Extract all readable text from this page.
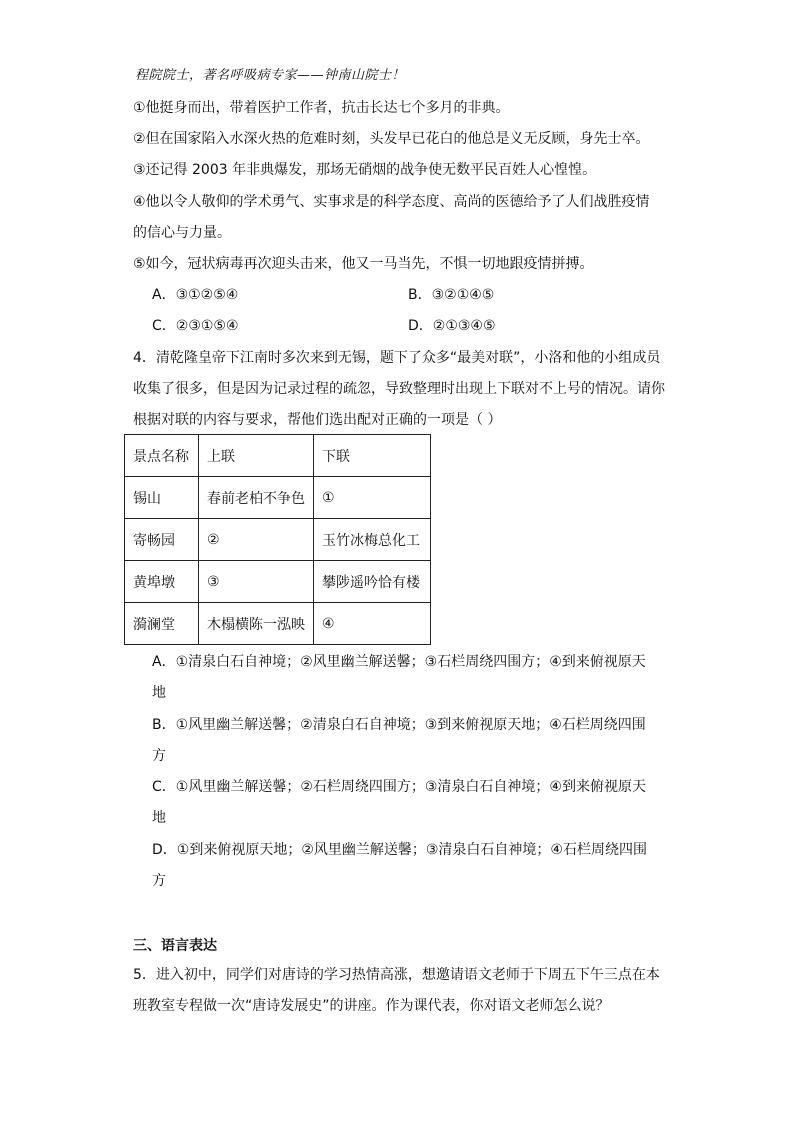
程院院士，著名呼吸病专家——钟南山院士！
①他挺身而出，带着医护工作者，抗击长达七个多月的非典。
②但在国家陷入水深火热的危难时刻，头发早已花白的他总是义无反顾，身先士卒。
③还记得 2003 年非典爆发，那场无硝烟的战争使无数平民百姓人心惶惶。
④他以令人敬仰的学术勇气、实事求是的科学态度、高尚的医德给予了人们战胜疫情
的信心与力量。
⑤如今，冠状病毒再次迎头击来，他又一马当先，不惧一切地跟疫情拼搏。
A．③①②⑤④	B．③②①④⑤
C．②③①⑤④	D．②①③④⑤
4．清乾隆皇帝下江南时多次来到无锡，题下了众多“最美对联”，小洛和他的小组成员
收集了很多，但是因为记录过程的疏忽，导致整理时出现上下联对不上号的情况。请你
根据对联的内容与要求，帮他们选出配对正确的一项是（ ）
景点名称	上联	下联
锡山	春前老柏不争色	①
寄畅园	②	玉竹冰梅总化工
黄埠墩	③	攀陟遥吟恰有楼
漪澜堂	木榻横陈一泓映	④
A．①清泉白石自神境；②风里幽兰解送馨；③石栏周绕四围方；④到来俯视原天
地
B．①风里幽兰解送馨；②清泉白石自神境；③到来俯视原天地；④石栏周绕四围
方
C．①风里幽兰解送馨；②石栏周绕四围方；③清泉白石自神境；④到来俯视原天
地
D．①到来俯视原天地；②风里幽兰解送馨；③清泉白石自神境；④石栏周绕四围
方
三、语言表达
5．进入初中，同学们对唐诗的学习热情高涨，想邀请语文老师于下周五下午三点在本
班教室专程做一次“唐诗发展史”的讲座。作为课代表，你对语文老师怎么说？
